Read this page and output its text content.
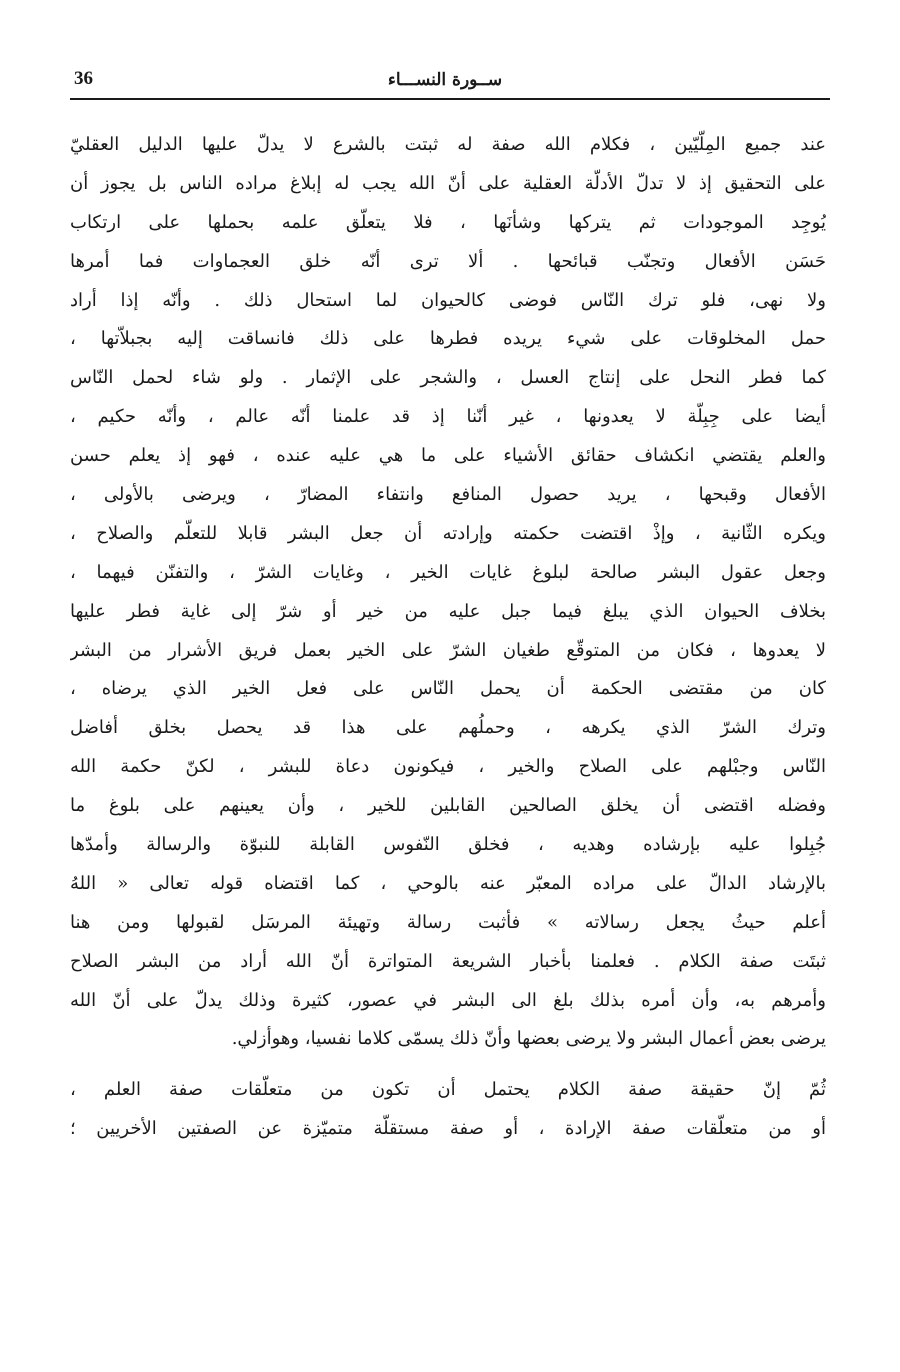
36	ســورة النســـاء
عند جميع المِلّيّين ، فكلام الله صفة له ثبتت بالشرع لا يدلّ عليها الدليل العقليّ
على التحقيق إذ لا تدلّ الأدلّة العقلية على أنّ الله يجب له إبلاغ مراده الناس بل يجوز أن
يُوجِد الموجودات ثم يتركها وشأنَها ، فلا يتعلّق علمه بحملها على ارتكاب
حَسَن الأفعال وتجنّب قبائحها . ألا ترى أنّه خلق العجماوات فما أمرها
ولا نهى، فلو ترك النّاس فوضى كالحيوان لما استحال ذلك . وأنّه إذا أراد
حمل المخلوقات على شيء يريده فطرها على ذلك فانساقت إليه بجبلاّتها ،
كما فطر النحل على إنتاج العسل ، والشجر على الإثمار . ولو شاء لحمل النّاس
أيضا على جِبِلّة لا يعدونها ، غير أنّنا إذ قد علمنا أنّه عالم ، وأنّه حكيم ،
والعلم يقتضي انكشاف حقائق الأشياء على ما هي عليه عنده ، فهو إذ يعلم حسن
الأفعال وقبحها ، يريد حصول المنافع وانتفاء المضارّ ، ويرضى بالأولى ،
ويكره الثّانية ، وإذْ اقتضت حكمته وإرادته أن جعل البشر قابلا للتعلّم والصلاح ،
وجعل عقول البشر صالحة لبلوغ غايات الخير ، وغايات الشرّ ، والتفنّن فيهما ،
بخلاف الحيوان الذي يبلغ فيما جبل عليه من خير أو شرّ إلى غاية فطر عليها
لا يعدوها ، فكان من المتوقّع طغيان الشرّ على الخير بعمل فريق الأشرار من البشر
كان من مقتضى الحكمة أن يحمل النّاس على فعل الخير الذي يرضاه ،
وترك الشرّ الذي يكرهه ، وحملُهم على هذا قد يحصل بخلق أفاضل
النّاس وجبْلهم على الصلاح والخير ، فيكونون دعاة للبشر ، لكنّ حكمة الله
وفضله اقتضى أن يخلق الصالحين القابلين للخير ، وأن يعينهم على بلوغ ما
جُبِلوا عليه بإرشاده وهديه ، فخلق النّفوس القابلة للنبوّة والرسالة وأمدّها
بالإرشاد الدالّ على مراده المعبّر عنه بالوحي ، كما اقتضاه قوله تعالى « اللهُ
أعلم حيثُ يجعل رسالاته » فأثبت رسالة وتهيئة المرسَل لقبولها ومن هنا
ثبتَت صفة الكلام . فعلمنا بأخبار الشريعة المتواترة أنّ الله أراد من البشر الصلاح
وأمرهم به، وأن أمره بذلك بلغ الى البشر في عصور، كثيرة وذلك يدلّ على أنّ الله
يرضى بعض أعمال البشر ولا يرضى بعضها وأنّ ذلك يسمّى كلاما نفسيا، وهوأزلي.
ثُمّ إنّ حقيقة صفة الكلام يحتمل أن تكون من متعلّقات صفة العلم ،
أو من متعلّقات صفة الإرادة ، أو صفة مستقلّة متميّزة عن الصفتين الأخريين ؛
